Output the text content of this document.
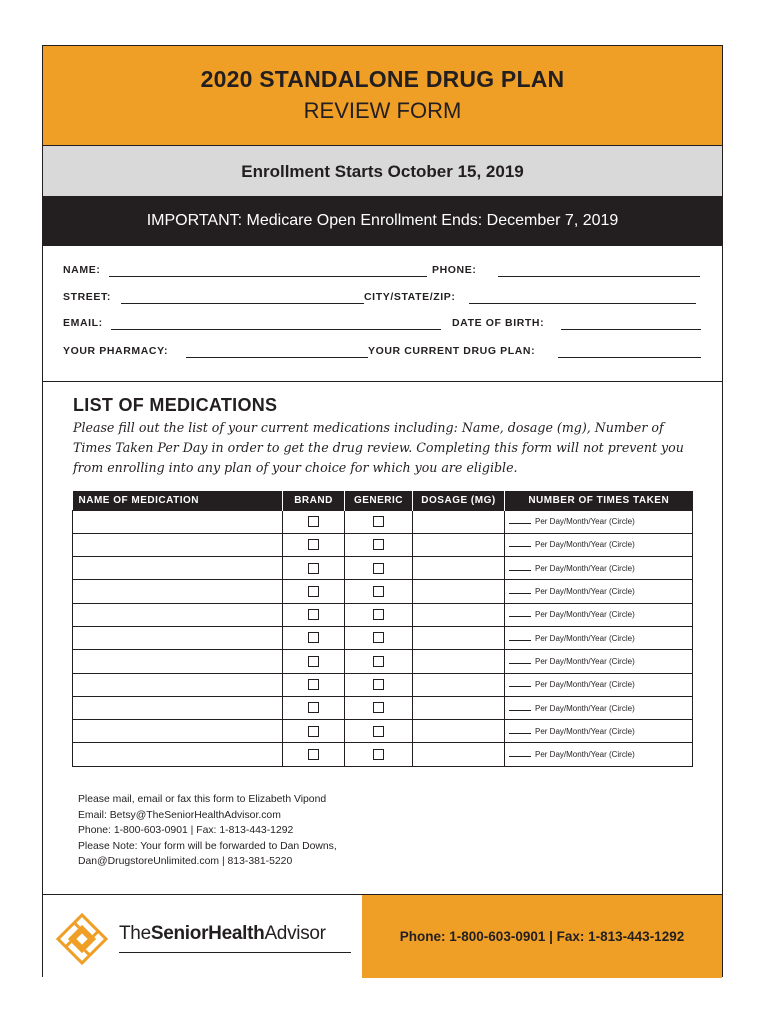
2020 STANDALONE DRUG PLAN
REVIEW FORM
Enrollment Starts October 15, 2019
IMPORTANT: Medicare Open Enrollment Ends: December 7, 2019
NAME:	PHONE:
STREET:	CITY/STATE/ZIP:
EMAIL:	DATE OF BIRTH:
YOUR PHARMACY:	YOUR CURRENT DRUG PLAN:
LIST OF MEDICATIONS
Please fill out the list of your current medications including: Name, dosage (mg), Number of Times Taken Per Day in order to get the drug review. Completing this form will not prevent you from enrolling into any plan of your choice for which you are eligible.
NAME OF MEDICATION	BRAND	GENERIC	DOSAGE (MG)	NUMBER OF TIMES TAKEN
				Per Day/Month/Year (Circle)
				Per Day/Month/Year (Circle)
				Per Day/Month/Year (Circle)
				Per Day/Month/Year (Circle)
				Per Day/Month/Year (Circle)
				Per Day/Month/Year (Circle)
				Per Day/Month/Year (Circle)
				Per Day/Month/Year (Circle)
				Per Day/Month/Year (Circle)
				Per Day/Month/Year (Circle)
				Per Day/Month/Year (Circle)
Please mail, email or fax this form to Elizabeth Vipond
Email: Betsy@TheSeniorHealthAdvisor.com
Phone: 1-800-603-0901 | Fax: 1-813-443-1292
Please Note: Your form will be forwarded to Dan Downs,
Dan@DrugstoreUnlimited.com | 813-381-5220
TheSeniorHealthAdvisor	Phone: 1-800-603-0901 | Fax: 1-813-443-1292
